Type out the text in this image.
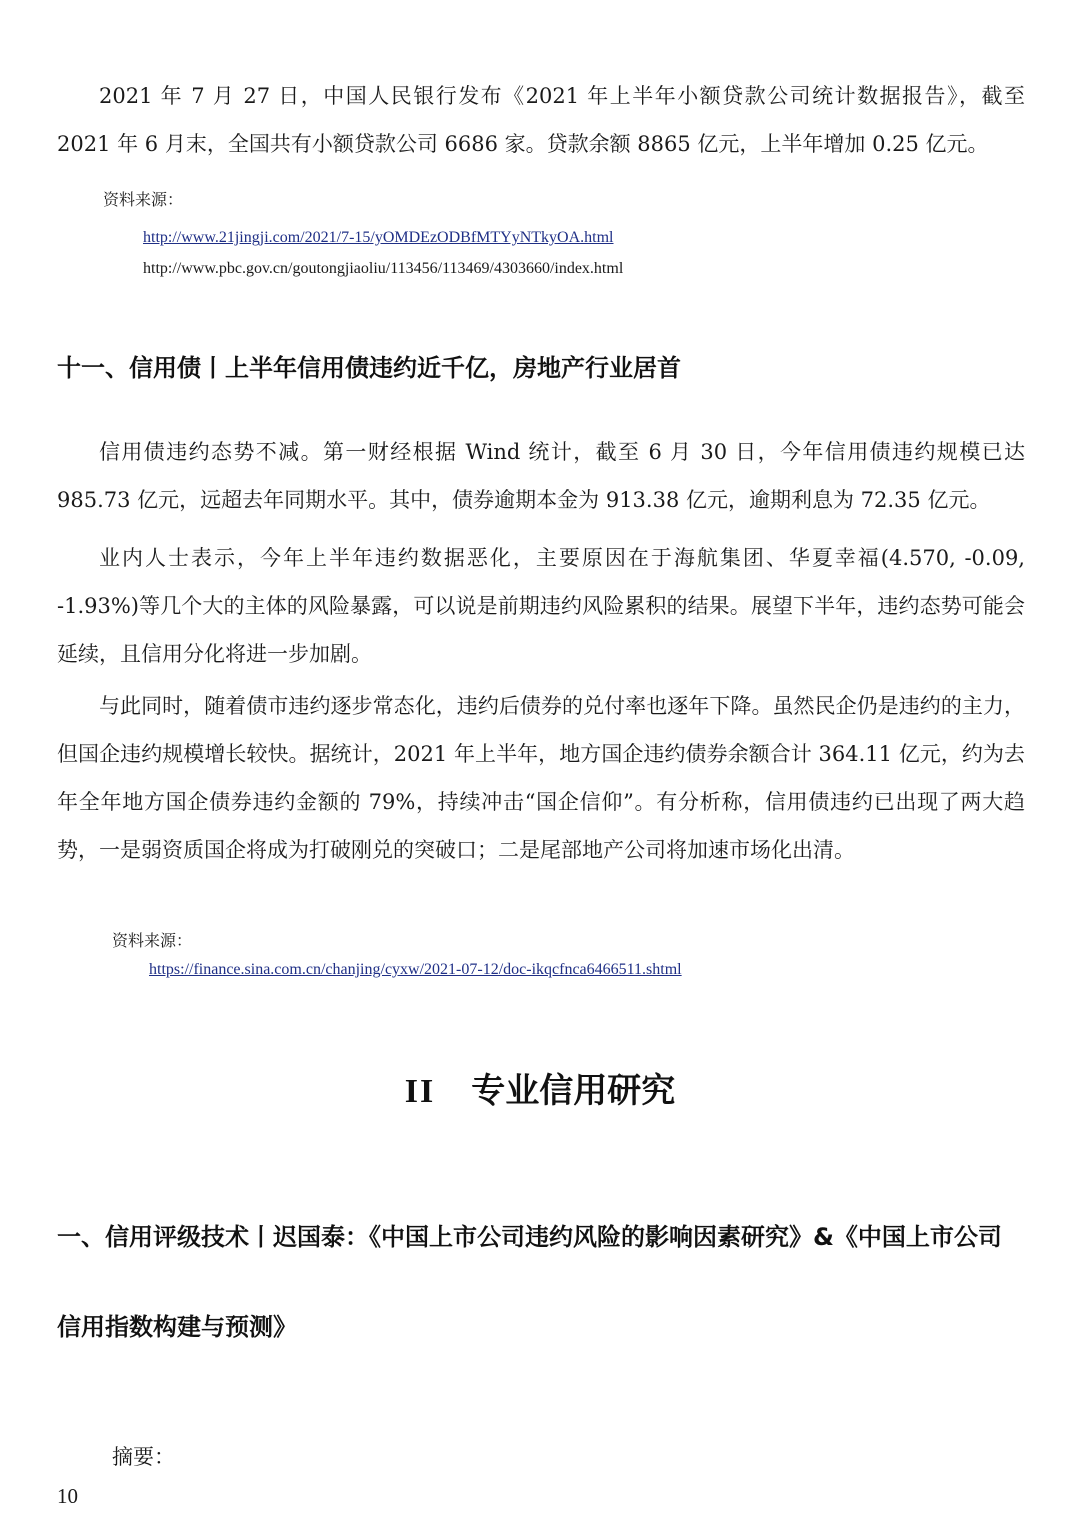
2021 年 7 月 27 日，中国人民银行发布《2021 年上半年小额贷款公司统计数据报告》，截至 2021 年 6 月末，全国共有小额贷款公司 6686 家。贷款余额 8865 亿元，上半年增加 0.25 亿元。

资料来源：

http://www.21jingji.com/2021/7-15/yOMDEzODBfMTYyNTkyOA.html
http://www.pbc.gov.cn/goutongjiaoliu/113456/113469/4303660/index.html
十一、信用债丨上半年信用债违约近千亿，房地产行业居首

信用债违约态势不减。第一财经根据 Wind 统计，截至 6 月 30 日，今年信用债违约规模已达 985.73 亿元，远超去年同期水平。其中，债券逾期本金为 913.38 亿元，逾期利息为 72.35 亿元。

业内人士表示，今年上半年违约数据恶化，主要原因在于海航集团、华夏幸福(4.570, -0.09, -1.93%)等几个大的主体的风险暴露，可以说是前期违约风险累积的结果。展望下半年，违约态势可能会延续，且信用分化将进一步加剧。

与此同时，随着债市违约逐步常态化，违约后债券的兑付率也逐年下降。虽然民企仍是违约的主力，但国企违约规模增长较快。据统计，2021 年上半年，地方国企违约债券余额合计 364.11 亿元，约为去年全年地方国企债券违约金额的 79%，持续冲击“国企信仰”。有分析称，信用债违约已出现了两大趋势，一是弱资质国企将成为打破刚兑的突破口；二是尾部地产公司将加速市场化出清。

资料来源：

https://finance.sina.com.cn/chanjing/cyxw/2021-07-12/doc-ikqcfnca6466511.shtml
II 专业信用研究
一、信用评级技术丨迟国泰：《中国上市公司违约风险的影响因素研究》&《中国上市公司信用指数构建与预测》

摘要：

10
